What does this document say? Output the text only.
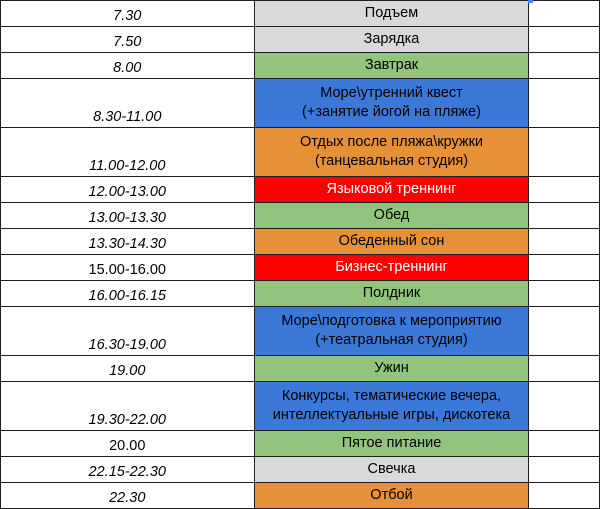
7.30	Подъем	

7.50	Зарядка	

8.00	Завтрак	

8.30-11.00	Море\утренний квест
(+занятие йогой на пляже)	

11.00-12.00	Отдых после пляжа\кружки
(танцевальная студия)	

12.00-13.00	Языковой треннинг	

13.00-13.30	Обед	

13.30-14.30	Обеденный сон	

15.00-16.00	Бизнес-треннинг	

16.00-16.15	Полдник	

16.30-19.00	Море\подготовка к мероприятию
(+театральная студия)	

19.00	Ужин	

19.30-22.00	Конкурсы, тематические вечера,
интеллектуальные игры, дискотека	

20.00	Пятое питание	

22.15-22.30	Свечка	

22.30	Отбой	
